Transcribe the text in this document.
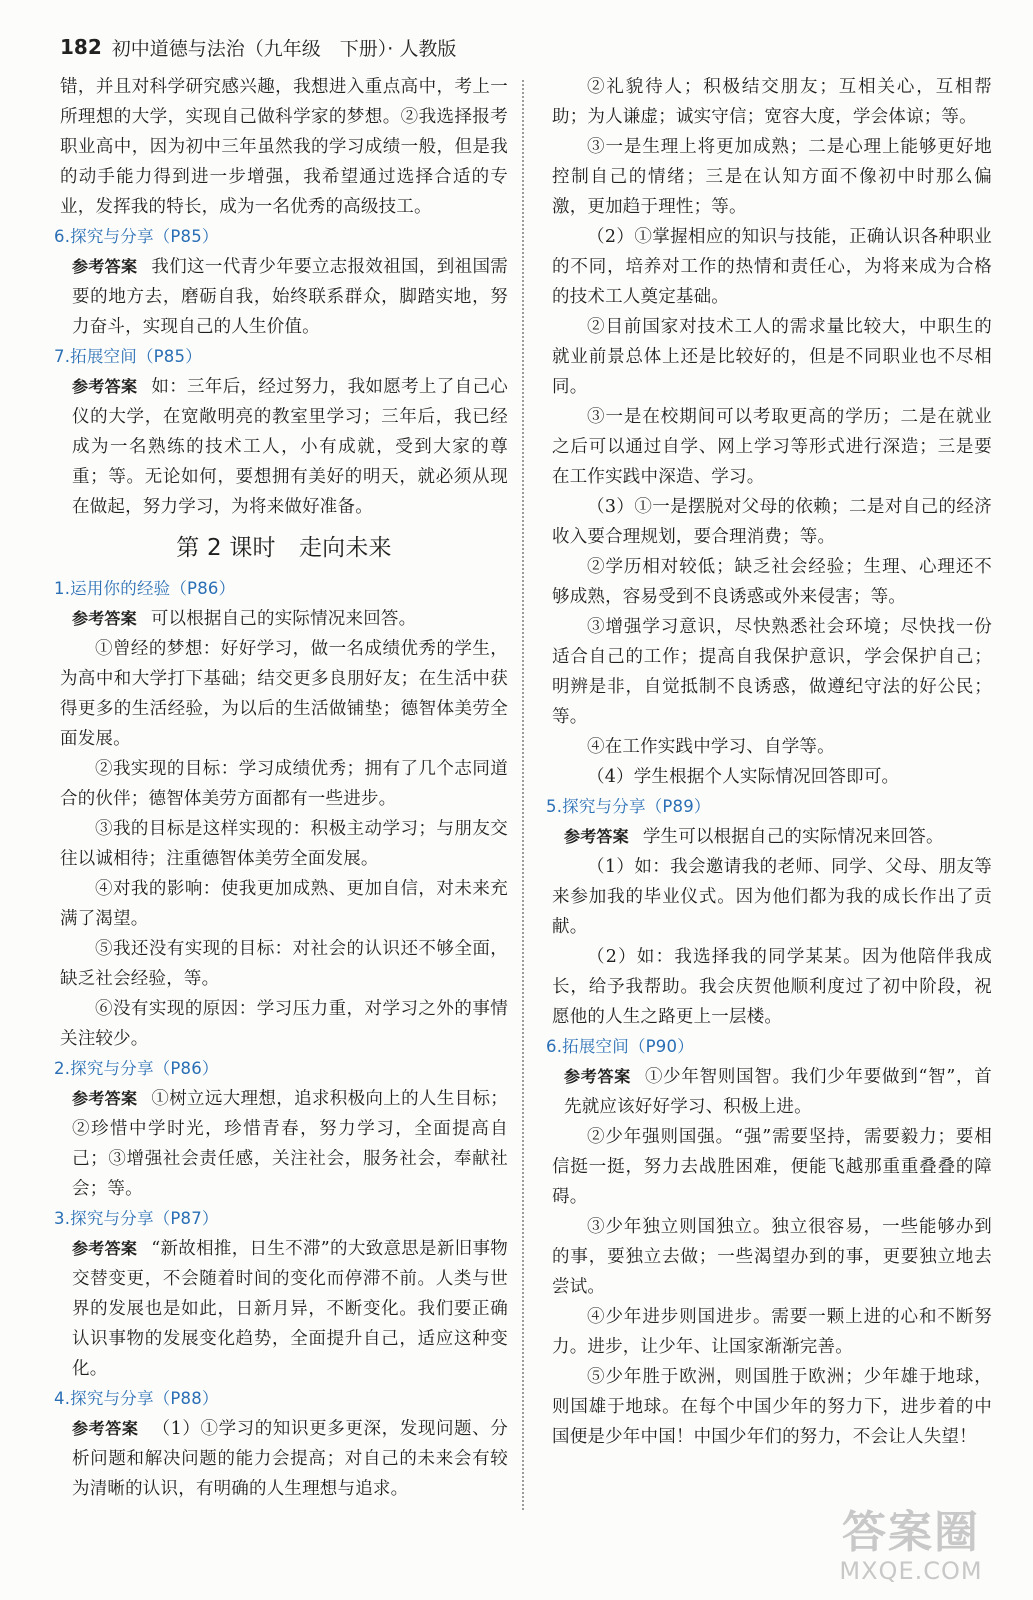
182 初中道德与法治（九年级　下册）· 人教版

错，并且对科学研究感兴趣，我想进入重点高中，考上一所理想的大学，实现自己做科学家的梦想。②我选择报考职业高中，因为初中三年虽然我的学习成绩一般，但是我的动手能力得到进一步增强，我希望通过选择合适的专业，发挥我的特长，成为一名优秀的高级技工。

6.探究与分享（P85）

参考答案 我们这一代青少年要立志报效祖国，到祖国需要的地方去，磨砺自我，始终联系群众，脚踏实地，努力奋斗，实现自己的人生价值。

7.拓展空间（P85）

参考答案 如：三年后，经过努力，我如愿考上了自己心仪的大学，在宽敞明亮的教室里学习；三年后，我已经成为一名熟练的技术工人，小有成就，受到大家的尊重；等。无论如何，要想拥有美好的明天，就必须从现在做起，努力学习，为将来做好准备。

第 2 课时　走向未来
1.运用你的经验（P86）

参考答案 可以根据自己的实际情况来回答。

①曾经的梦想：好好学习，做一名成绩优秀的学生，为高中和大学打下基础；结交更多良朋好友；在生活中获得更多的生活经验，为以后的生活做铺垫；德智体美劳全面发展。

②我实现的目标：学习成绩优秀；拥有了几个志同道合的伙伴；德智体美劳方面都有一些进步。

③我的目标是这样实现的：积极主动学习；与朋友交往以诚相待；注重德智体美劳全面发展。

④对我的影响：使我更加成熟、更加自信，对未来充满了渴望。

⑤我还没有实现的目标：对社会的认识还不够全面，缺乏社会经验，等。

⑥没有实现的原因：学习压力重，对学习之外的事情关注较少。

2.探究与分享（P86）

参考答案 ①树立远大理想，追求积极向上的人生目标；②珍惜中学时光，珍惜青春，努力学习，全面提高自己；③增强社会责任感，关注社会，服务社会，奉献社会；等。

3.探究与分享（P87）

参考答案 “新故相推，日生不滞”的大致意思是新旧事物交替变更，不会随着时间的变化而停滞不前。人类与世界的发展也是如此，日新月异，不断变化。我们要正确认识事物的发展变化趋势，全面提升自己，适应这种变化。

4.探究与分享（P88）

参考答案 （1）①学习的知识更多更深，发现问题、分析问题和解决问题的能力会提高；对自己的未来会有较为清晰的认识，有明确的人生理想与追求。

②礼貌待人；积极结交朋友；互相关心，互相帮助；为人谦虚；诚实守信；宽容大度，学会体谅；等。

③一是生理上将更加成熟；二是心理上能够更好地控制自己的情绪；三是在认知方面不像初中时那么偏激，更加趋于理性；等。

（2）①掌握相应的知识与技能，正确认识各种职业的不同，培养对工作的热情和责任心，为将来成为合格的技术工人奠定基础。

②目前国家对技术工人的需求量比较大，中职生的就业前景总体上还是比较好的，但是不同职业也不尽相同。

③一是在校期间可以考取更高的学历；二是在就业之后可以通过自学、网上学习等形式进行深造；三是要在工作实践中深造、学习。

（3）①一是摆脱对父母的依赖；二是对自己的经济收入要合理规划，要合理消费；等。

②学历相对较低；缺乏社会经验；生理、心理还不够成熟，容易受到不良诱惑或外来侵害；等。

③增强学习意识，尽快熟悉社会环境；尽快找一份适合自己的工作；提高自我保护意识，学会保护自己；明辨是非，自觉抵制不良诱惑，做遵纪守法的好公民；等。

④在工作实践中学习、自学等。

（4）学生根据个人实际情况回答即可。

5.探究与分享（P89）

参考答案 学生可以根据自己的实际情况来回答。

（1）如：我会邀请我的老师、同学、父母、朋友等来参加我的毕业仪式。因为他们都为我的成长作出了贡献。

（2）如：我选择我的同学某某。因为他陪伴我成长，给予我帮助。我会庆贺他顺利度过了初中阶段，祝愿他的人生之路更上一层楼。

6.拓展空间（P90）

参考答案 ①少年智则国智。我们少年要做到“智”，首先就应该好好学习、积极上进。

②少年强则国强。“强”需要坚持，需要毅力；要相信挺一挺，努力去战胜困难，便能飞越那重重叠叠的障碍。

③少年独立则国独立。独立很容易，一些能够办到的事，要独立去做；一些渴望办到的事，更要独立地去尝试。

④少年进步则国进步。需要一颗上进的心和不断努力。进步，让少年、让国家渐渐完善。

⑤少年胜于欧洲，则国胜于欧洲；少年雄于地球，则国雄于地球。在每个中国少年的努力下，进步着的中国便是少年中国！中国少年们的努力，不会让人失望！

答案圈
MXQE.COM
